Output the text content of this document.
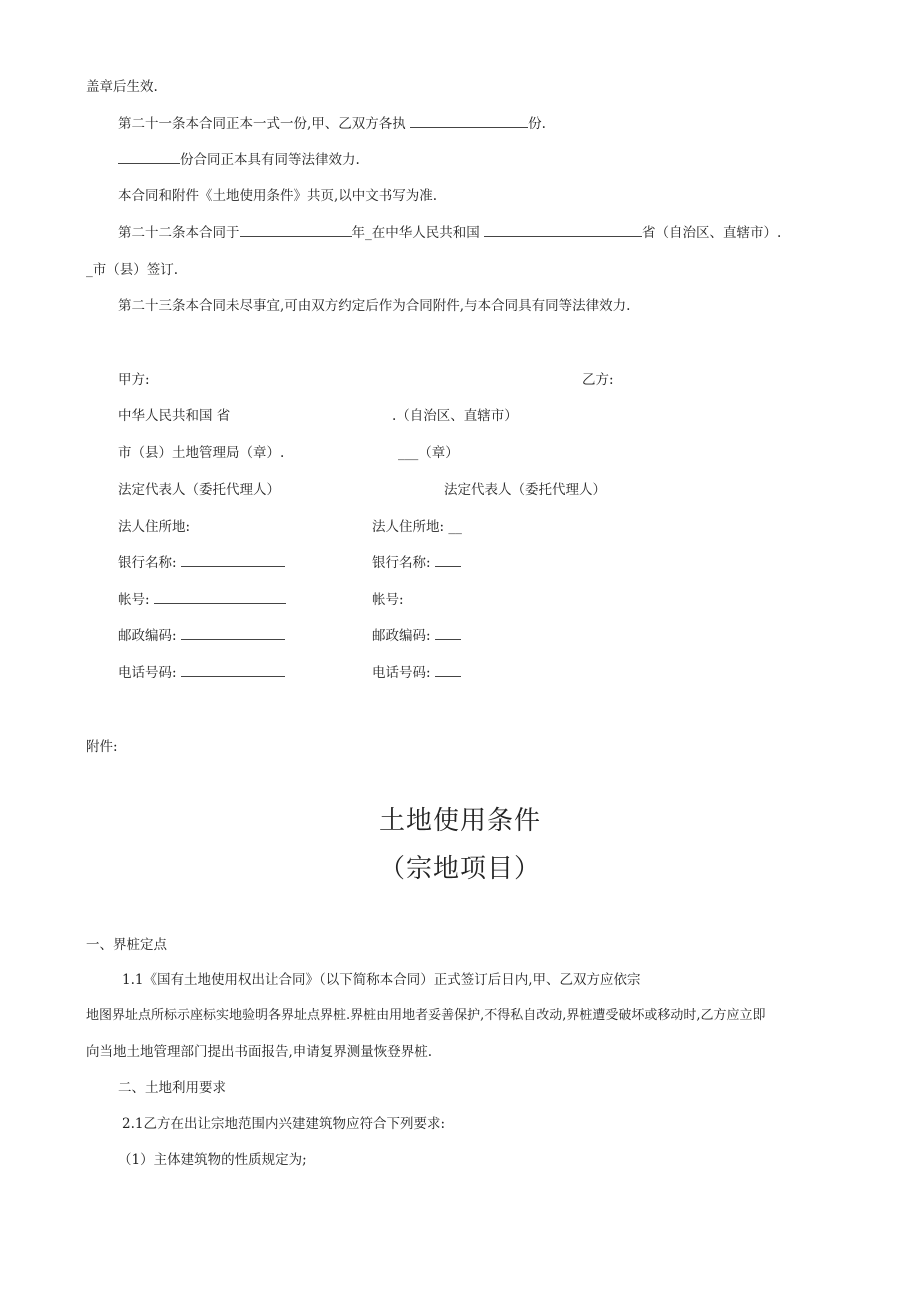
盖章后生效.
第二十一条本合同正本一式一份,甲、乙双方各执	份.
份合同正本具有同等法律效力.
本合同和附件《土地使用条件》共页,以中文书写为准.
第二十二条本合同于	年_在中华人民共和国	省（自治区、直辖市）.
_市（县）签订.
第二十三条本合同未尽事宜,可由双方约定后作为合同附件,与本合同具有同等法律效力.
甲方:	乙方:
中华人民共和国 省	.（自治区、直辖市）
市（县）土地管理局（章）.	___（章）
法定代表人（委托代理人）	法定代表人（委托代理人）
法人住所地:	法人住所地: __
银行名称:	银行名称:
帐号:	帐号:
邮政编码:	邮政编码:
电话号码:	电话号码:
附件:
土地使用条件
（宗地项目）
一、界桩定点
1.1《国有土地使用权出让合同》（以下简称本合同）正式签订后日内,甲、乙双方应依宗
地图界址点所标示座标实地验明各界址点界桩.界桩由用地者妥善保护,不得私自改动,界桩遭受破坏或移动时,乙方应立即
向当地土地管理部门提出书面报告,申请复界测量恢登界桩.
二、土地利用要求
2.1乙方在出让宗地范围内兴建建筑物应符合下列要求:
（1）主体建筑物的性质规定为;
